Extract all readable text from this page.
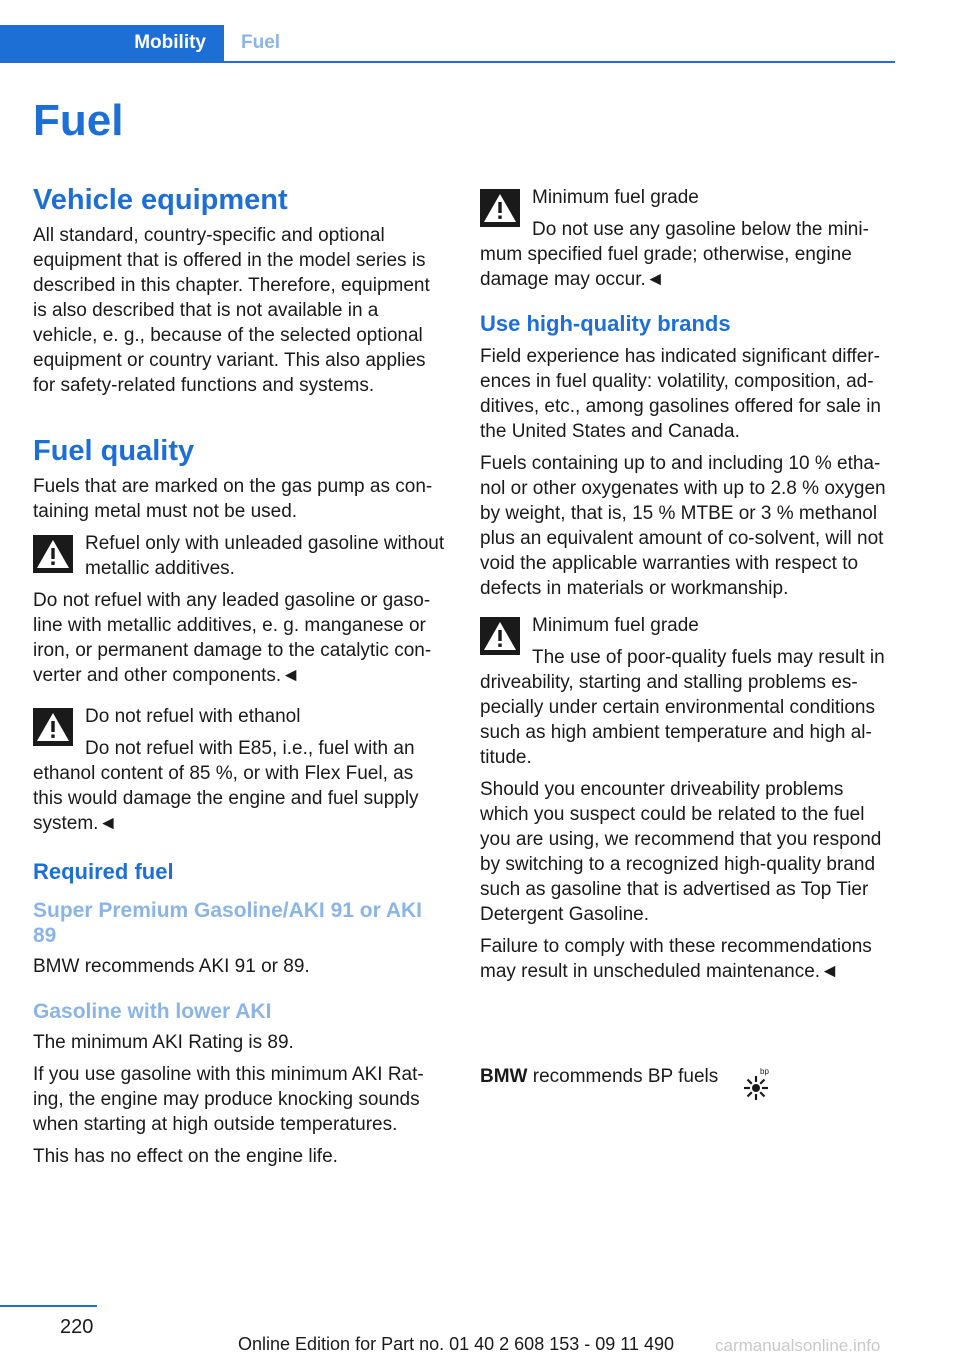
Mobility	Fuel
Fuel
Vehicle equipment

All standard, country-specific and optional equipment that is offered in the model series is described in this chapter. Therefore, equipment is also described that is not available in a vehicle, e. g., because of the selected optional equipment or country variant. This also applies for safety-related functions and systems.

Fuel quality

Fuels that are marked on the gas pump as containing metal must not be used.

Refuel only with unleaded gasoline without metallic additives.

Do not refuel with any leaded gasoline or gasoline with metallic additives, e. g. manganese or iron, or permanent damage to the catalytic converter and other components.◄

Do not refuel with ethanol
Do not refuel with E85, i.e., fuel with an ethanol content of 85 %, or with Flex Fuel, as this would damage the engine and fuel supply system.◄
Required fuel
Super Premium Gasoline/AKI 91 or AKI 89

BMW recommends AKI 91 or 89.

Gasoline with lower AKI

The minimum AKI Rating is 89.

If you use gasoline with this minimum AKI Rating, the engine may produce knocking sounds when starting at high outside temperatures.

This has no effect on the engine life.

Minimum fuel grade
Do not use any gasoline below the minimum specified fuel grade; otherwise, engine damage may occur.◄
Use high-quality brands

Field experience has indicated significant differences in fuel quality: volatility, composition, additives, etc., among gasolines offered for sale in the United States and Canada.

Fuels containing up to and including 10 % ethanol or other oxygenates with up to 2.8 % oxygen by weight, that is, 15 % MTBE or 3 % methanol plus an equivalent amount of co-solvent, will not void the applicable warranties with respect to defects in materials or workmanship.

Minimum fuel grade
The use of poor-quality fuels may result in driveability, starting and stalling problems especially under certain environmental conditions such as high ambient temperature and high altitude.

Should you encounter driveability problems which you suspect could be related to the fuel you are using, we recommend that you respond by switching to a recognized high-quality brand such as gasoline that is advertised as Top Tier Detergent Gasoline.

Failure to comply with these recommendations may result in unscheduled maintenance.◄

BMW recommends BP fuels	bp
220
Online Edition for Part no. 01 40 2 608 153 - 09 11 490 carmanualsonline.info
